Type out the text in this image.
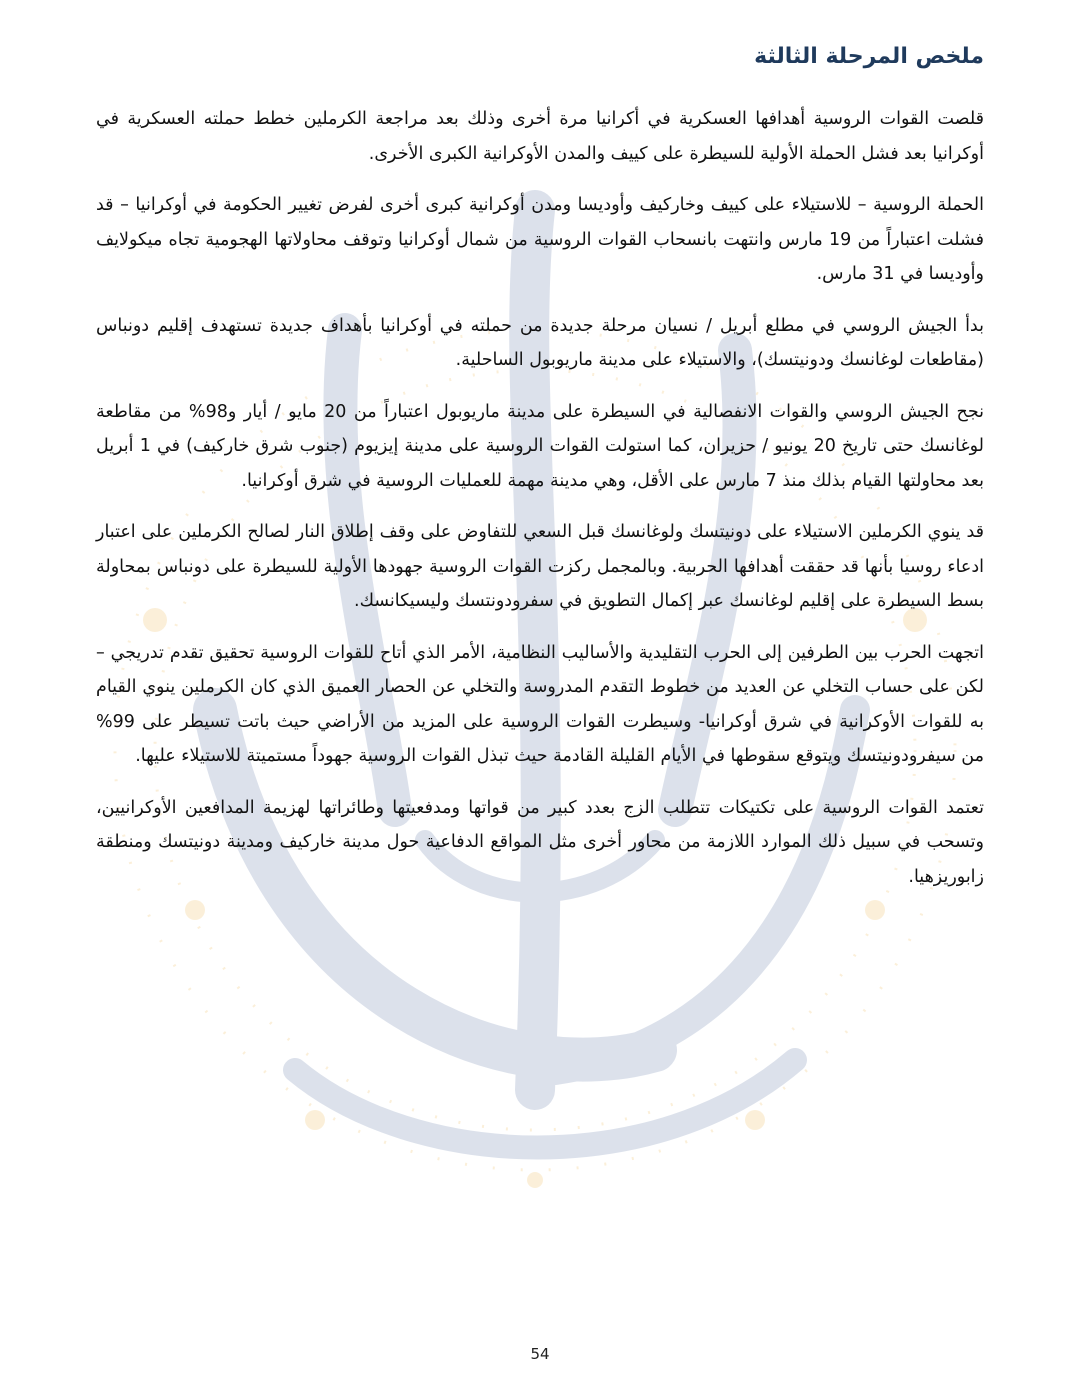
ملخص المرحلة الثالثة

قلصت القوات الروسية أهدافها العسكرية في أكرانيا مرة أخرى وذلك بعد مراجعة الكرملين خطط حملته العسكرية في أوكرانيا بعد فشل الحملة الأولية للسيطرة على كييف والمدن الأوكرانية الكبرى الأخرى.

الحملة الروسية – للاستيلاء على كييف وخاركيف وأوديسا ومدن أوكرانية كبرى أخرى لفرض تغيير الحكومة في أوكرانيا – قد فشلت اعتباراً من 19 مارس وانتهت بانسحاب القوات الروسية من شمال أوكرانيا وتوقف محاولاتها الهجومية تجاه ميكولايف وأوديسا في 31 مارس.

بدأ الجيش الروسي في مطلع أبريل / نسيان مرحلة جديدة من حملته في أوكرانيا بأهداف جديدة تستهدف إقليم دونباس (مقاطعات لوغانسك ودونيتسك)، والاستيلاء على مدينة ماريوبول الساحلية.

نجح الجيش الروسي والقوات الانفصالية في السيطرة على مدينة ماريوبول اعتباراً من 20 مايو / أيار و98% من مقاطعة لوغانسك حتى تاريخ 20 يونيو / حزيران، كما استولت القوات الروسية على مدينة إيزيوم (جنوب شرق خاركيف) في 1 أبريل بعد محاولتها القيام بذلك منذ 7 مارس على الأقل، وهي مدينة مهمة للعمليات الروسية في شرق أوكرانيا.

قد ينوي الكرملين الاستيلاء على دونيتسك ولوغانسك قبل السعي للتفاوض على وقف إطلاق النار لصالح الكرملين على اعتبار ادعاء روسيا بأنها قد حققت أهدافها الحربية. وبالمجمل ركزت القوات الروسية جهودها الأولية للسيطرة على دونباس بمحاولة بسط السيطرة على إقليم لوغانسك عبر إكمال التطويق في سفرودونتسك وليسيكانسك.

اتجهت الحرب بين الطرفين إلى الحرب التقليدية والأساليب النظامية، الأمر الذي أتاح للقوات الروسية تحقيق تقدم تدريجي – لكن على حساب التخلي عن العديد من خطوط التقدم المدروسة والتخلي عن الحصار العميق الذي كان الكرملين ينوي القيام به للقوات الأوكرانية في شرق أوكرانيا- وسيطرت القوات الروسية على المزيد من الأراضي حيث باتت تسيطر على 99% من سيفرودونيتسك ويتوقع سقوطها في الأيام القليلة القادمة حيث تبذل القوات الروسية جهوداً مستميتة للاستيلاء عليها.

تعتمد القوات الروسية على تكتيكات تتطلب الزج بعدد كبير من قواتها ومدفعيتها وطائراتها لهزيمة المدافعين الأوكرانيين، وتسحب في سبيل ذلك الموارد اللازمة من محاور أخرى مثل المواقع الدفاعية حول مدينة خاركيف ومدينة دونيتسك ومنطقة زابوريزهيا.

54
